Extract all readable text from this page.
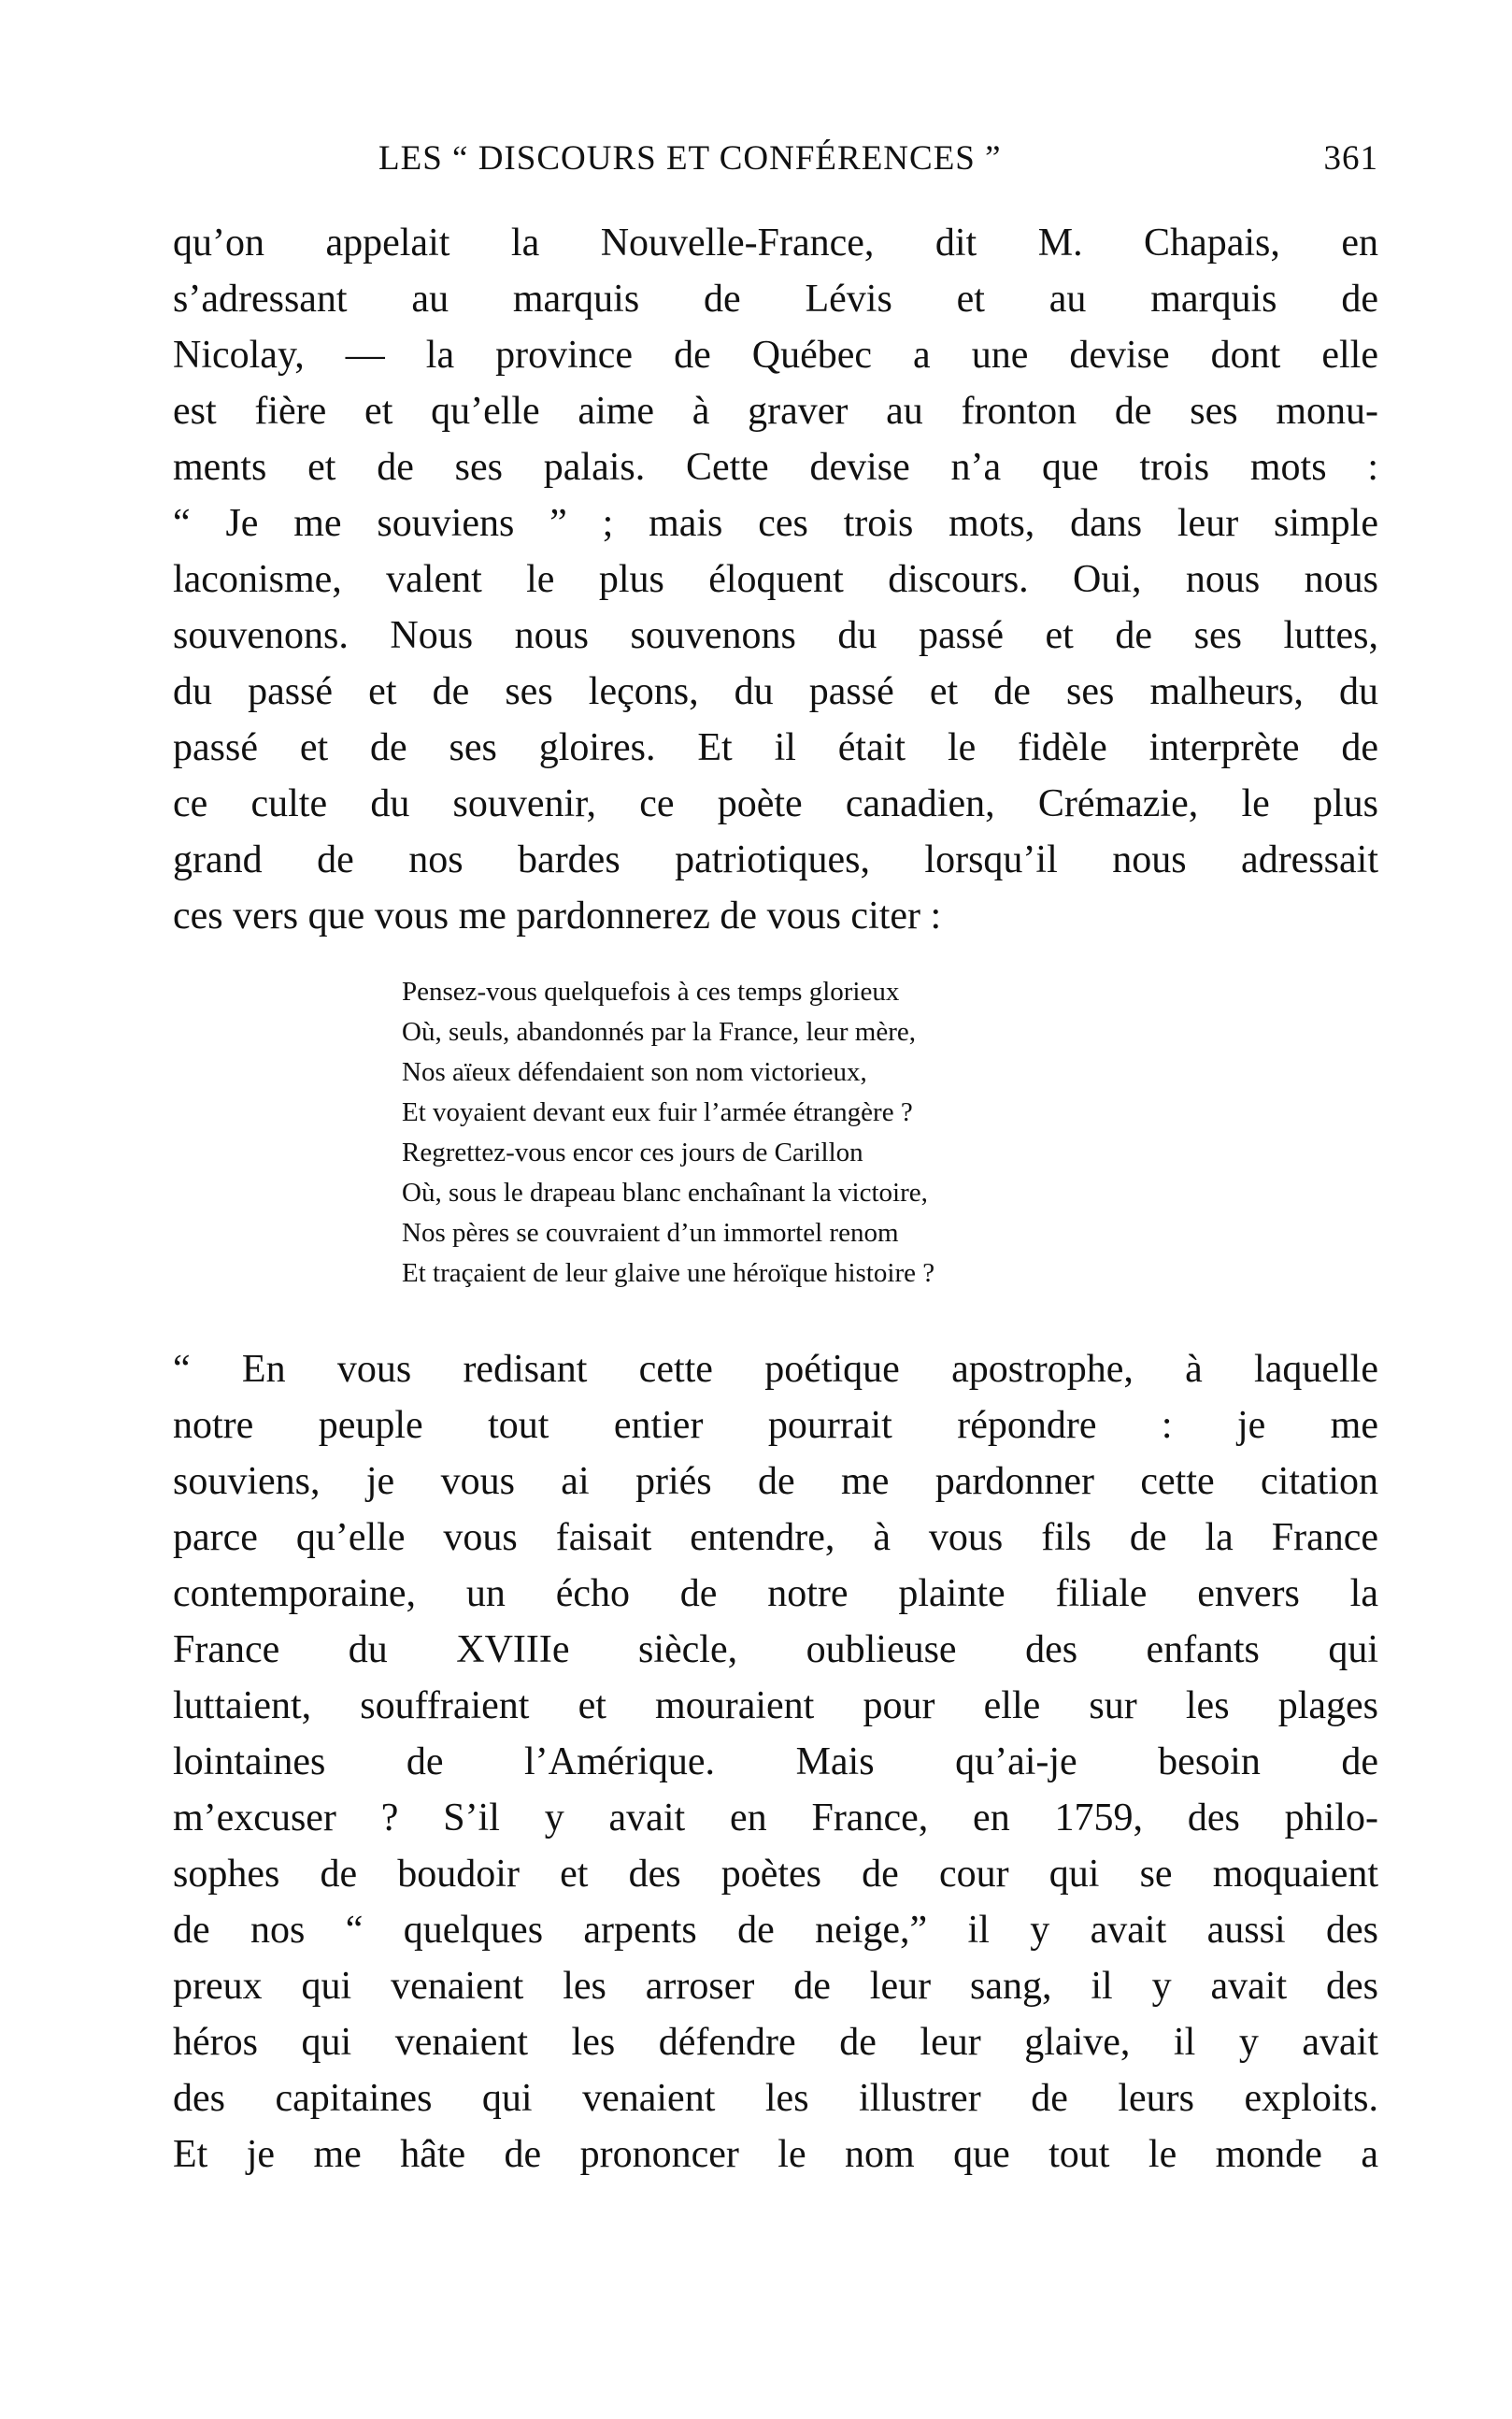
LES “ DISCOURS ET CONFÉRENCES ”	361
qu’on appelait la Nouvelle-France, dit M. Chapais, en
s’adressant au marquis de Lévis et au marquis de
Nicolay, — la province de Québec a une devise dont elle
est fière et qu’elle aime à graver au fronton de ses monu-
ments et de ses palais. Cette devise n’a que trois mots :
“ Je me souviens ” ; mais ces trois mots, dans leur simple
laconisme, valent le plus éloquent discours. Oui, nous nous
souvenons. Nous nous souvenons du passé et de ses luttes,
du passé et de ses leçons, du passé et de ses malheurs, du
passé et de ses gloires. Et il était le fidèle interprète de
ce culte du souvenir, ce poète canadien, Crémazie, le plus
grand de nos bardes patriotiques, lorsqu’il nous adressait
ces vers que vous me pardonnerez de vous citer :
Pensez-vous quelquefois à ces temps glorieux
Où, seuls, abandonnés par la France, leur mère,
Nos aïeux défendaient son nom victorieux,
Et voyaient devant eux fuir l’armée étrangère ?
Regrettez-vous encor ces jours de Carillon
Où, sous le drapeau blanc enchaînant la victoire,
Nos pères se couvraient d’un immortel renom
Et traçaient de leur glaive une héroïque histoire ?
“ En vous redisant cette poétique apostrophe, à laquelle
notre peuple tout entier pourrait répondre : je me
souviens, je vous ai priés de me pardonner cette citation
parce qu’elle vous faisait entendre, à vous fils de la France
contemporaine, un écho de notre plainte filiale envers la
France du XVIIIe siècle, oublieuse des enfants qui
luttaient, souffraient et mouraient pour elle sur les plages
lointaines de l’Amérique. Mais qu’ai-je besoin de
m’excuser ? S’il y avait en France, en 1759, des philo-
sophes de boudoir et des poètes de cour qui se moquaient
de nos “ quelques arpents de neige,” il y avait aussi des
preux qui venaient les arroser de leur sang, il y avait des
héros qui venaient les défendre de leur glaive, il y avait
des capitaines qui venaient les illustrer de leurs exploits.
Et je me hâte de prononcer le nom que tout le monde a
